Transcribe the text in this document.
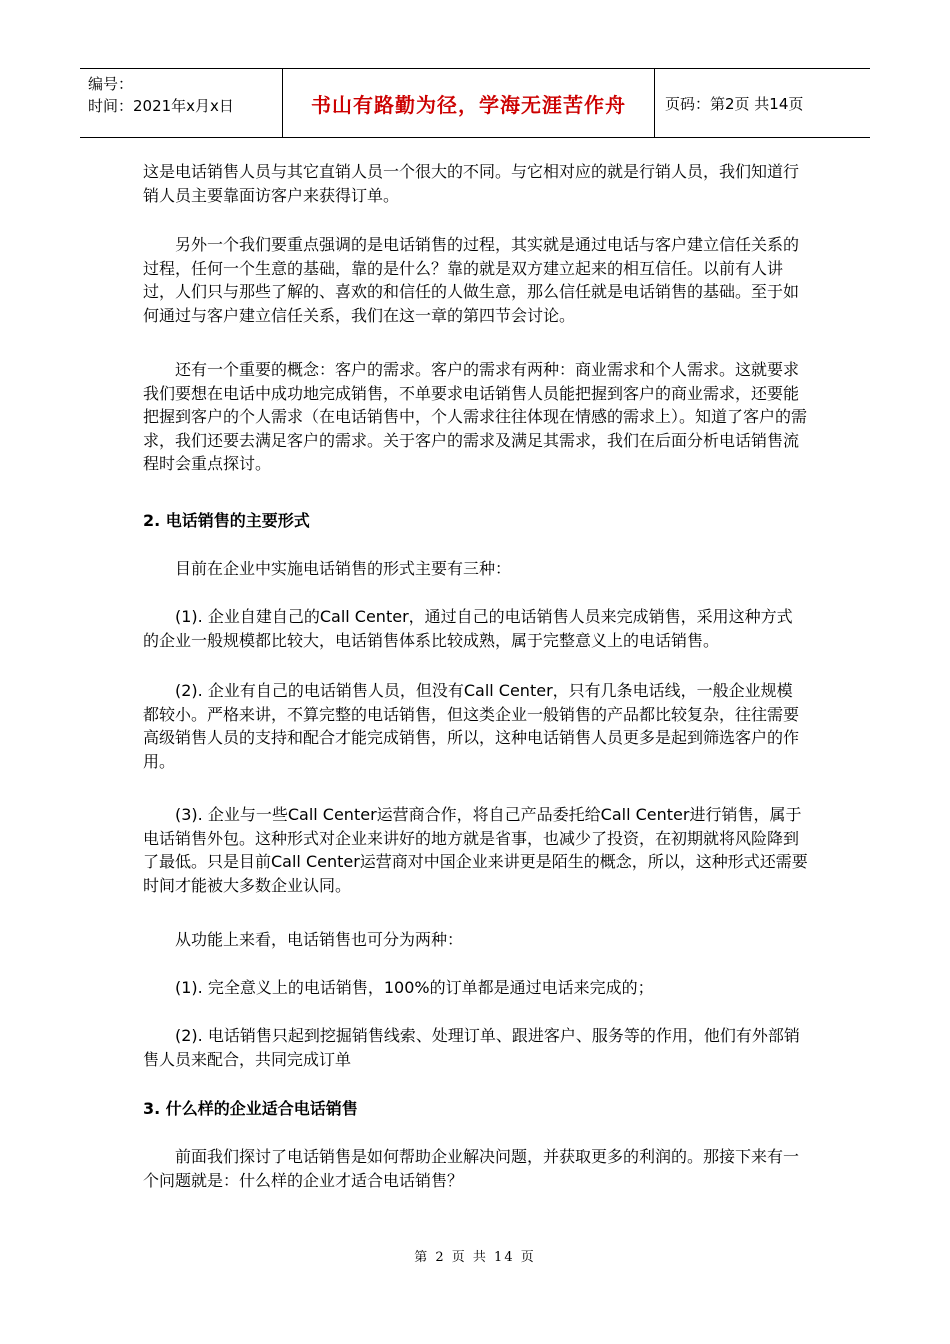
编号：
时间：2021年x月x日	书山有路勤为径，学海无涯苦作舟	页码：第2页 共14页

这是电话销售人员与其它直销人员一个很大的不同。与它相对应的就是行销人员，我们知道行销人员主要靠面访客户来获得订单。

另外一个我们要重点强调的是电话销售的过程，其实就是通过电话与客户建立信任关系的过程，任何一个生意的基础，靠的是什么？靠的就是双方建立起来的相互信任。以前有人讲过，人们只与那些了解的、喜欢的和信任的人做生意，那么信任就是电话销售的基础。至于如何通过与客户建立信任关系，我们在这一章的第四节会讨论。

还有一个重要的概念：客户的需求。客户的需求有两种：商业需求和个人需求。这就要求我们要想在电话中成功地完成销售，不单要求电话销售人员能把握到客户的商业需求，还要能把握到客户的个人需求（在电话销售中，个人需求往往体现在情感的需求上）。知道了客户的需求，我们还要去满足客户的需求。关于客户的需求及满足其需求，我们在后面分析电话销售流程时会重点探讨。

2. 电话销售的主要形式

目前在企业中实施电话销售的形式主要有三种：

(1). 企业自建自己的Call Center，通过自己的电话销售人员来完成销售，采用这种方式的企业一般规模都比较大，电话销售体系比较成熟，属于完整意义上的电话销售。

(2). 企业有自己的电话销售人员，但没有Call Center，只有几条电话线，一般企业规模都较小。严格来讲，不算完整的电话销售，但这类企业一般销售的产品都比较复杂，往往需要高级销售人员的支持和配合才能完成销售，所以，这种电话销售人员更多是起到筛选客户的作用。

(3). 企业与一些Call Center运营商合作，将自己产品委托给Call Center进行销售，属于电话销售外包。这种形式对企业来讲好的地方就是省事，也减少了投资，在初期就将风险降到了最低。只是目前Call Center运营商对中国企业来讲更是陌生的概念，所以，这种形式还需要时间才能被大多数企业认同。

从功能上来看，电话销售也可分为两种：

(1). 完全意义上的电话销售，100%的订单都是通过电话来完成的；

(2). 电话销售只起到挖掘销售线索、处理订单、跟进客户、服务等的作用，他们有外部销售人员来配合，共同完成订单

3. 什么样的企业适合电话销售

前面我们探讨了电话销售是如何帮助企业解决问题，并获取更多的利润的。那接下来有一个问题就是：什么样的企业才适合电话销售？

第 2 页 共 14 页
